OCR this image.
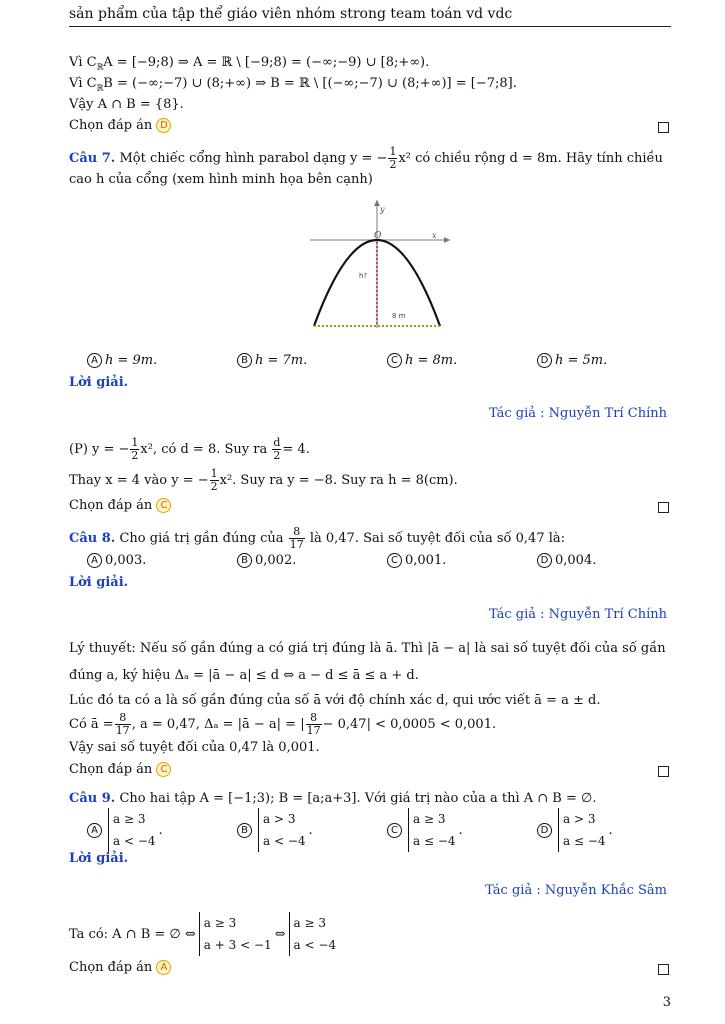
sản phẩm của tập thể giáo viên nhóm strong team toán vd vdc
Vì $C_ℝA$ = [−9;8) ⇒ A = ℝ \ [−9;8) = (−∞;−9) ∪ [8;+∞).
Vì $C_ℝB$ = (−∞;−7) ∪ (8;+∞) ⇒ B = ℝ \ [(−∞;−7) ∪ (8;+∞)] = [−7;8].
Vậy A ∩ B = {8}.
Chọn đáp án D
Câu 7. Một chiếc cổng hình parabol dạng y = − $\frac{1}{2} x^2$ có chiều rộng d = 8m. Hãy tính chiều
cao h của cổng (xem hình minh họa bên cạnh)
y
O	x
h?
8 m
A h = 9m.	B h = 7m.	C h = 8m.	D h = 5m.
Lời giải.
Tác giả : Nguyễn Trí Chính
(P) y = − $\frac{1}{2} x^2$, có d = 8. Suy ra $\frac{d}{2} = 4$.
Thay x = 4 vào y = − $\frac{1}{2} x^2$. Suy ra y = −8. Suy ra h = 8(cm).
Chọn đáp án C
Câu 8. Cho giá trị gần đúng của $\frac{8}{17}$ là 0,47. Sai số tuyệt đối của số 0,47 là:
A 0,003.	B 0,002.	C 0,001.	D 0,004.
Lời giải.
Tác giả : Nguyễn Trí Chính
Lý thuyết: Nếu số gần đúng a có giá trị đúng là ā. Thì |ā − a| là sai số tuyệt đối của số gần
đúng a, ký hiệu Δₐ = |ā − a| ≤ d ⇔ a − d ≤ ā ≤ a + d.
Lúc đó ta có a là số gần đúng của số ā với độ chính xác d, qui ước viết ā = a ± d.
Có ā = $\frac{8}{17}$ , a = 0,47, Δₐ = |ā − a| = | $\frac{8}{17} - 0,47| < 0,0005 < 0,001$.
Vậy sai số tuyệt đối của 0,47 là 0,001.
Chọn đáp án C
Câu 9. Cho hai tập A = [−1;3); B = [a;a+3]. Với giá trị nào của a thì A ∩ B = ∅.
A
a ≥ 3
a < −4
.	B
a > 3
a < −4
.	C
a ≥ 3
a ≤ −4
.	D
a > 3
a ≤ −4
.
Lời giải.
Tác giả : Nguyễn Khắc Sâm
Ta có: A ∩ B = ∅ ⇔
a ≥ 3
a + 3 < −1
⇔
a ≥ 3
a < −4
Chọn đáp án A
3
